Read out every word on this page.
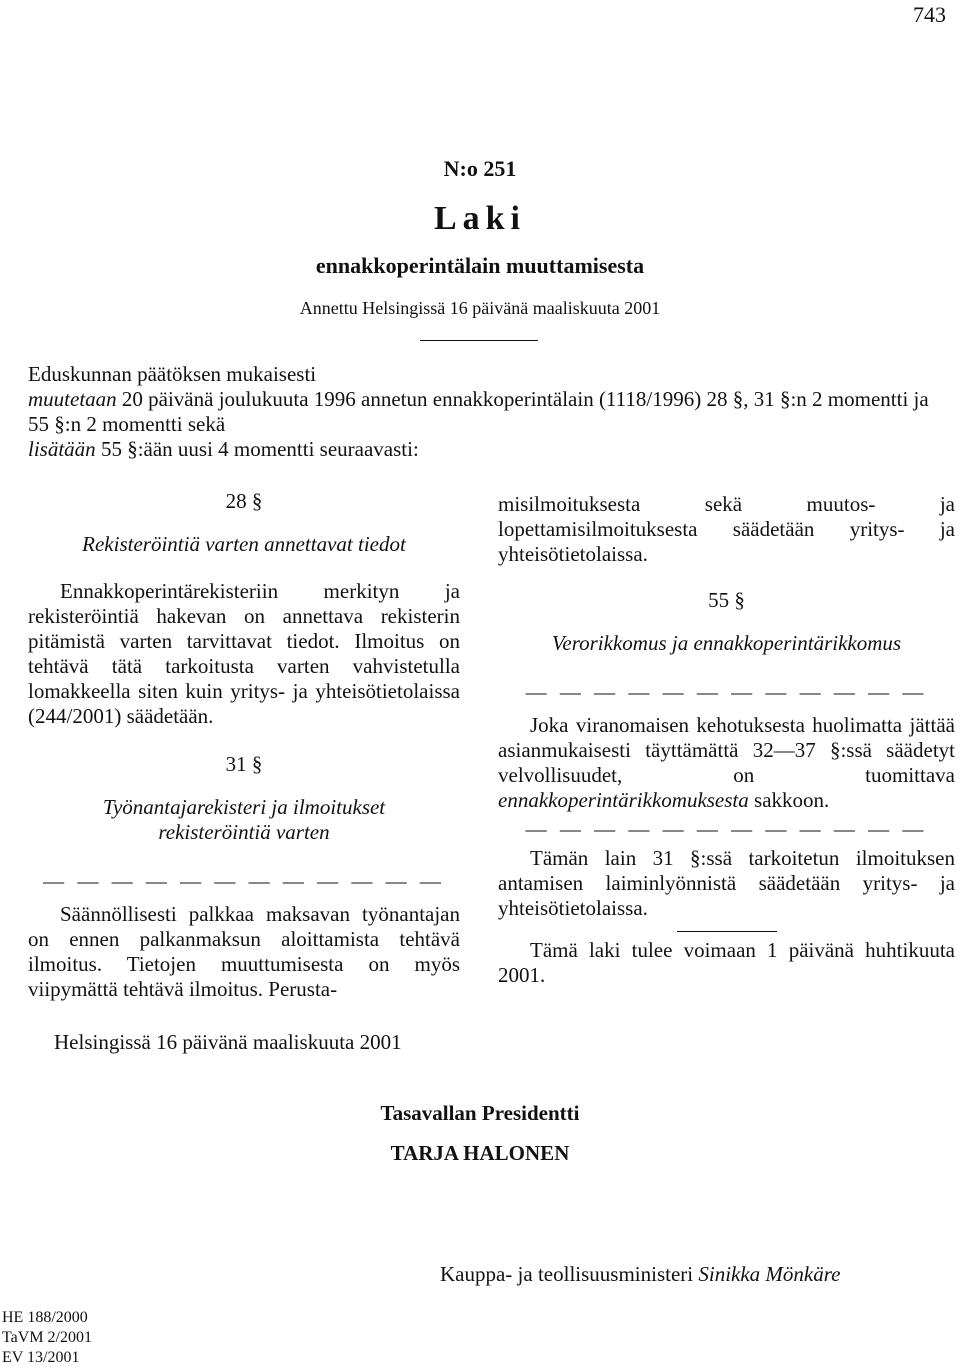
743
N:o 251
Laki
ennakkoperintälain muuttamisesta
Annettu Helsingissä 16 päivänä maaliskuuta 2001

Eduskunnan päätöksen mukaisesti

muutetaan 20 päivänä joulukuuta 1996 annetun ennakkoperintälain (1118/1996) 28 §, 31 §:n 2 momentti ja 55 §:n 2 momentti sekä

lisätään 55 §:ään uusi 4 momentti seuraavasti:

28 §

Rekisteröintiä varten annettavat tiedot

Ennakkoperintärekisteriin merkityn ja rekisteröintiä hakevan on annettava rekisterin pitämistä varten tarvittavat tiedot. Ilmoitus on tehtävä tätä tarkoitusta varten vahvistetulla lomakkeella siten kuin yritys- ja yhteisötietolaissa (244/2001) säädetään.

31 §

Työnantajarekisteri ja ilmoitukset

rekisteröintiä varten

— — — — — — — — — — — —

Säännöllisesti palkkaa maksavan työnantajan on ennen palkanmaksun aloittamista tehtävä ilmoitus. Tietojen muuttumisesta on myös viipymättä tehtävä ilmoitus. Perusta-

misilmoituksesta sekä muutos- ja lopettamisilmoituksesta säädetään yritys- ja yhteisötietolaissa.

55 §

Verorikkomus ja ennakkoperintärikkomus

— — — — — — — — — — — —

Joka viranomaisen kehotuksesta huolimatta jättää asianmukaisesti täyttämättä 32—37 §:ssä säädetyt velvollisuudet, on tuomittava ennakkoperintärikkomuksesta sakkoon.

— — — — — — — — — — — —

Tämän lain 31 §:ssä tarkoitetun ilmoituksen antamisen laiminlyönnistä säädetään yritys- ja yhteisötietolaissa.

Tämä laki tulee voimaan 1 päivänä huhtikuuta 2001.

Helsingissä 16 päivänä maaliskuuta 2001
Tasavallan Presidentti
TARJA HALONEN
Kauppa- ja teollisuusministeri Sinikka Mönkäre
HE 188/2000
TaVM 2/2001
EV 13/2001
